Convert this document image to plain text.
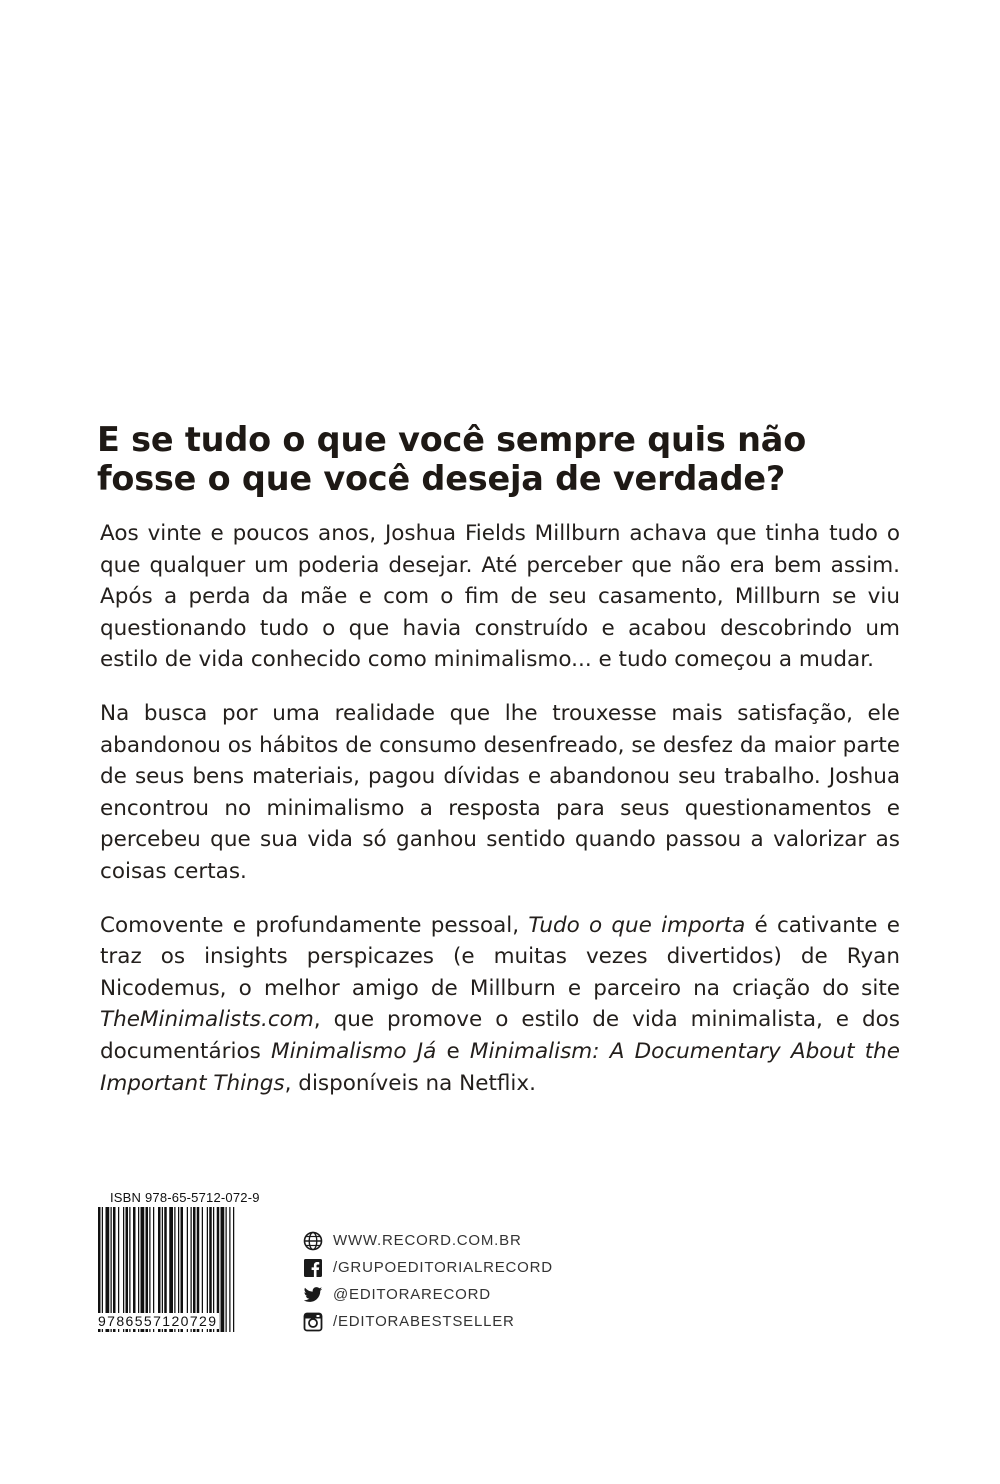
E se tudo o que você sempre quis não
fosse o que você deseja de verdade?

Aos vinte e poucos anos, Joshua Fields Millburn achava que tinha tudo o que qualquer um poderia desejar. Até perceber que não era bem assim. Após a perda da mãe e com o fim de seu casamento, Millburn se viu questionando tudo o que havia construído e acabou descobrindo um estilo de vida conhecido como minimalismo... e tudo começou a mudar.

Na busca por uma realidade que lhe trouxesse mais satisfação, ele abandonou os hábitos de consumo desenfreado, se desfez da maior parte de seus bens materiais, pagou dívidas e abandonou seu trabalho. Joshua encontrou no minimalismo a resposta para seus questionamentos e percebeu que sua vida só ganhou sentido quando passou a valorizar as coisas certas.

Comovente e profundamente pessoal, Tudo o que importa é cativante e traz os insights perspicazes (e muitas vezes divertidos) de Ryan Nicodemus, o melhor amigo de Millburn e parceiro na criação do site TheMinimalists.com, que promove o estilo de vida minimalista, e dos documentários Minimalismo Já e Minimalism: A Documentary About the Important Things, disponíveis na Netflix.

ISBN 978-65-5712-072-9
9786557120729
WWW.RECORD.COM.BR
/GRUPOEDITORIALRECORD
@EDITORARECORD
/EDITORABESTSELLER
